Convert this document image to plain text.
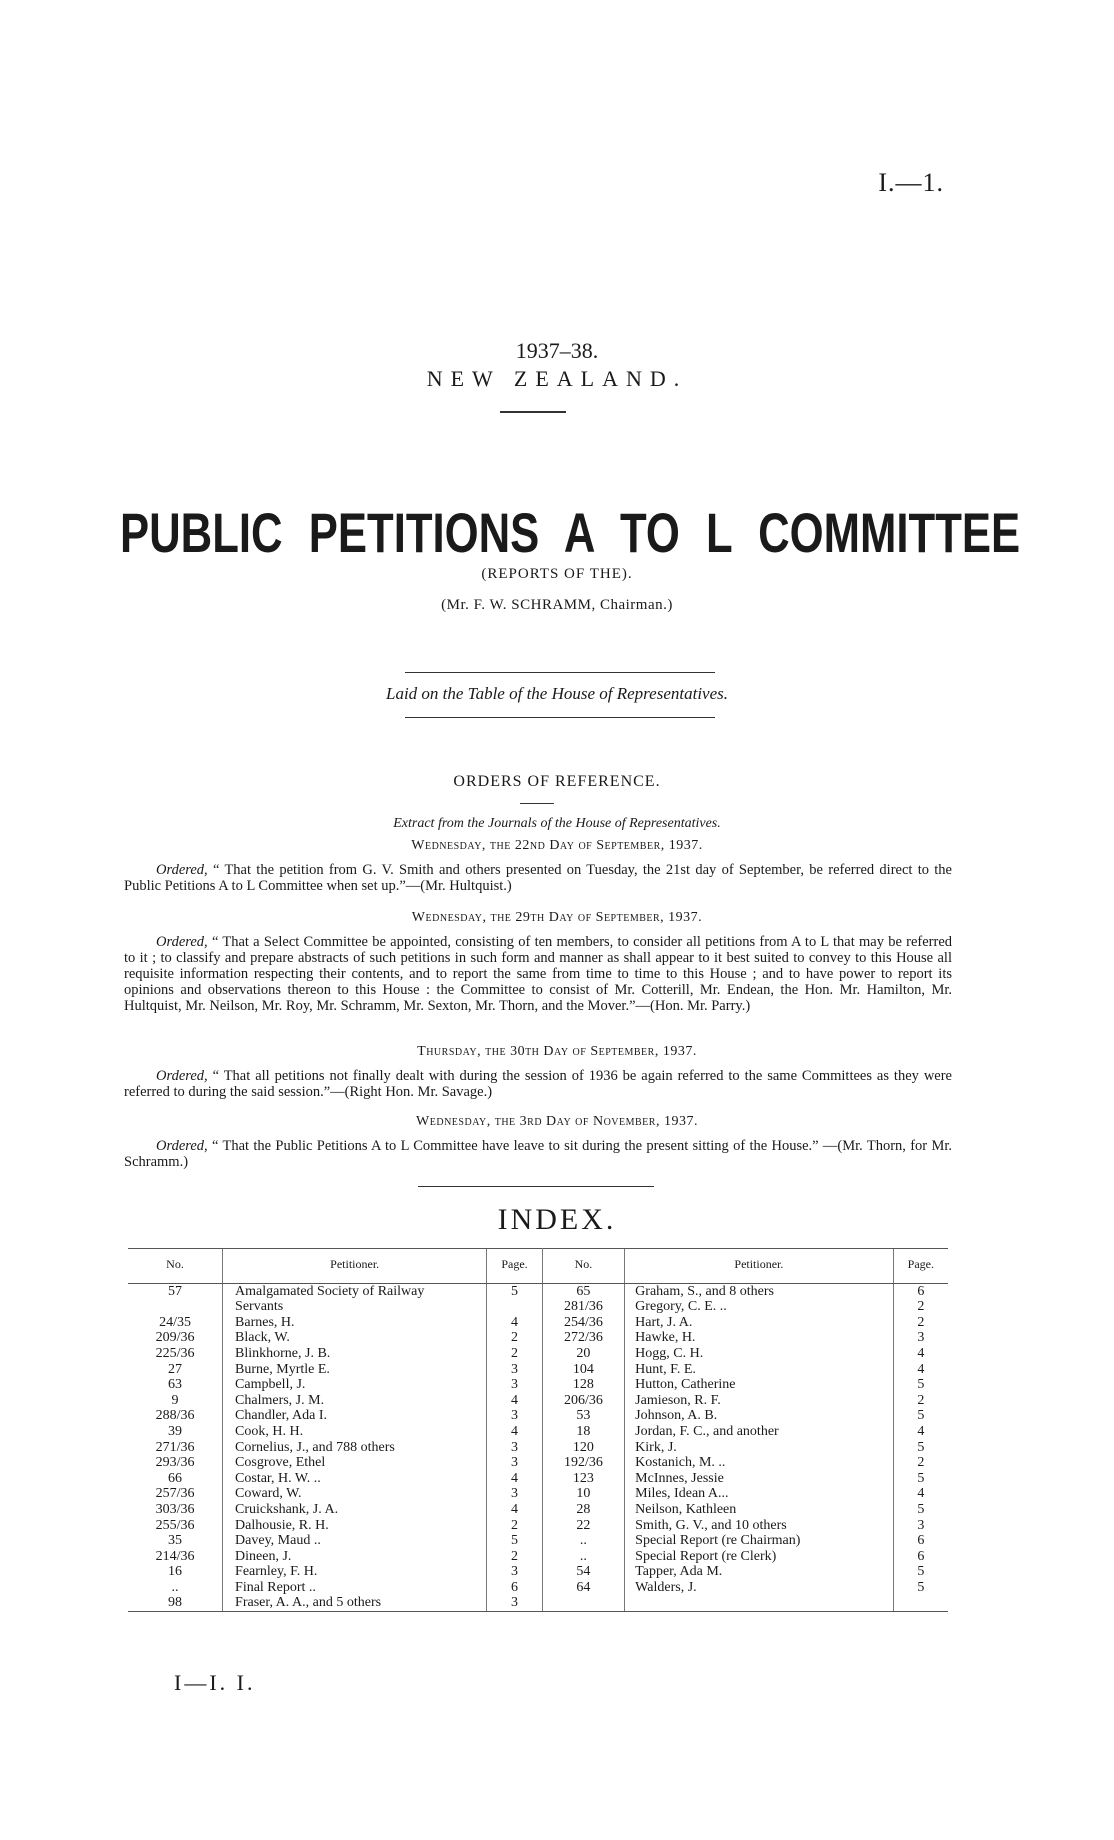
I.—1.
1937–38.
NEW ZEALAND.
PUBLIC PETITIONS A TO L COMMITTEE
(REPORTS OF THE).
(Mr. F. W. SCHRAMM, Chairman.)
Laid on the Table of the House of Representatives.
ORDERS OF REFERENCE.
Extract from the Journals of the House of Representatives.
Wednesday, the 22nd Day of September, 1937.
Ordered, “ That the petition from G. V. Smith and others presented on Tuesday, the 21st day of September, be referred direct to the Public Petitions A to L Committee when set up.”—(Mr. Hultquist.)
Wednesday, the 29th Day of September, 1937.
Ordered, “ That a Select Committee be appointed, consisting of ten members, to consider all petitions from A to L that may be referred to it ; to classify and prepare abstracts of such petitions in such form and manner as shall appear to it best suited to convey to this House all requisite information respecting their contents, and to report the same from time to time to this House ; and to have power to report its opinions and observations thereon to this House : the Committee to consist of Mr. Cotterill, Mr. Endean, the Hon. Mr. Hamilton, Mr. Hultquist, Mr. Neilson, Mr. Roy, Mr. Schramm, Mr. Sexton, Mr. Thorn, and the Mover.”—(Hon. Mr. Parry.)
Thursday, the 30th Day of September, 1937.
Ordered, “ That all petitions not finally dealt with during the session of 1936 be again referred to the same Committees as they were referred to during the said session.”—(Right Hon. Mr. Savage.)
Wednesday, the 3rd Day of November, 1937.
Ordered, “ That the Public Petitions A to L Committee have leave to sit during the present sitting of the House.” —(Mr. Thorn, for Mr. Schramm.)
INDEX.
No.	Petitioner.	Page.	No.	Petitioner.	Page.
57	Amalgamated Society of Railway	5	65	Graham, S., and 8 others	6
	Servants		281/36	Gregory, C. E. ..	2
24/35	Barnes, H.	4	254/36	Hart, J. A.	2
209/36	Black, W.	2	272/36	Hawke, H.	3
225/36	Blinkhorne, J. B.	2	20	Hogg, C. H.	4
27	Burne, Myrtle E.	3	104	Hunt, F. E.	4
63	Campbell, J.	3	128	Hutton, Catherine	5
9	Chalmers, J. M.	4	206/36	Jamieson, R. F.	2
288/36	Chandler, Ada I.	3	53	Johnson, A. B.	5
39	Cook, H. H.	4	18	Jordan, F. C., and another	4
271/36	Cornelius, J., and 788 others	3	120	Kirk, J.	5
293/36	Cosgrove, Ethel	3	192/36	Kostanich, M. ..	2
66	Costar, H. W. ..	4	123	McInnes, Jessie	5
257/36	Coward, W.	3	10	Miles, Idean A...	4
303/36	Cruickshank, J. A.	4	28	Neilson, Kathleen	5
255/36	Dalhousie, R. H.	2	22	Smith, G. V., and 10 others	3
35	Davey, Maud ..	5	..	Special Report (re Chairman)	6
214/36	Dineen, J.	2	..	Special Report (re Clerk)	6
16	Fearnley, F. H.	3	54	Tapper, Ada M.	5
..	Final Report ..	6	64	Walders, J.	5
98	Fraser, A. A., and 5 others	3			
I—I. I.
